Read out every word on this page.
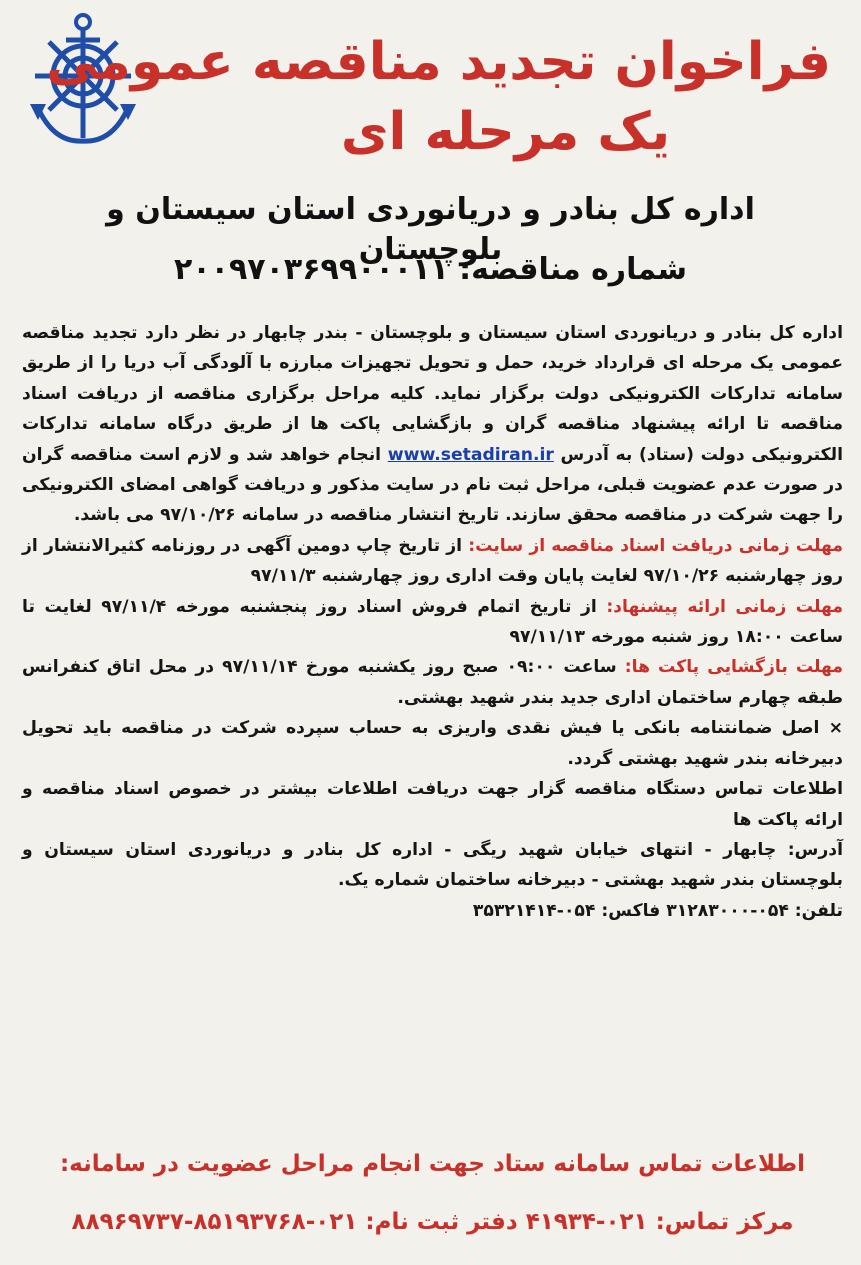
فراخوان تجدید مناقصه عمومی
یک مرحله ای
اداره کل بنادر و دریانوردی استان سیستان و بلوچستان
شماره مناقصه: ۲۰۰۹۷۰۳۶۹۹۰۰۰۱۱

اداره کل بنادر و دریانوردی استان سیستان و بلوچستان - بندر چابهار در نظر دارد تجدید مناقصه عمومی یک مرحله ای قرارداد خرید، حمل و تحویل تجهیزات مبارزه با آلودگی آب دریا را از طریق سامانه تدارکات الکترونیکی دولت برگزار نماید. کلیه مراحل برگزاری مناقصه از دریافت اسناد مناقصه تا ارائه پیشنهاد مناقصه گران و بازگشایی پاکت ها از طریق درگاه سامانه تدارکات الکترونیکی دولت (ستاد) به آدرس www.setadiran.ir انجام خواهد شد و لازم است مناقصه گران در صورت عدم عضویت قبلی، مراحل ثبت نام در سایت مذکور و دریافت گواهی امضای الکترونیکی را جهت شرکت در مناقصه محقق سازند. تاریخ انتشار مناقصه در سامانه ۹۷/۱۰/۲۶ می باشد.

مهلت زمانی دریافت اسناد مناقصه از سایت: از تاریخ چاپ دومین آگهی در روزنامه کثیرالانتشار از روز چهارشنبه ۹۷/۱۰/۲۶ لغایت پایان وقت اداری روز چهارشنبه ۹۷/۱۱/۳

مهلت زمانی ارائه پیشنهاد: از تاریخ اتمام فروش اسناد روز پنجشنبه مورخه ۹۷/۱۱/۴ لغایت تا ساعت ۱۸:۰۰ روز شنبه مورخه ۹۷/۱۱/۱۳

مهلت بازگشایی پاکت ها: ساعت ۰۹:۰۰ صبح روز یکشنبه مورخ ۹۷/۱۱/۱۴ در محل اتاق کنفرانس طبقه چهارم ساختمان اداری جدید بندر شهید بهشتی.

× اصل ضمانتنامه بانکی یا فیش نقدی واریزی به حساب سپرده شرکت در مناقصه باید تحویل دبیرخانه بندر شهید بهشتی گردد.

اطلاعات تماس دستگاه مناقصه گزار جهت دریافت اطلاعات بیشتر در خصوص اسناد مناقصه و ارائه پاکت ها

آدرس: چابهار - انتهای خیابان شهید ریگی - اداره کل بنادر و دریانوردی استان سیستان و بلوچستان بندر شهید بهشتی - دبیرخانه ساختمان شماره یک.

تلفن: ۰۵۴-۳۱۲۸۳۰۰۰ فاکس: ۰۵۴-۳۵۳۲۱۴۱۴

اطلاعات تماس سامانه ستاد جهت انجام مراحل عضویت در سامانه:
مرکز تماس: ۰۲۱-۴۱۹۳۴ دفتر ثبت نام: ۰۲۱-۸۵۱۹۳۷۶۸-۸۸۹۶۹۷۳۷
